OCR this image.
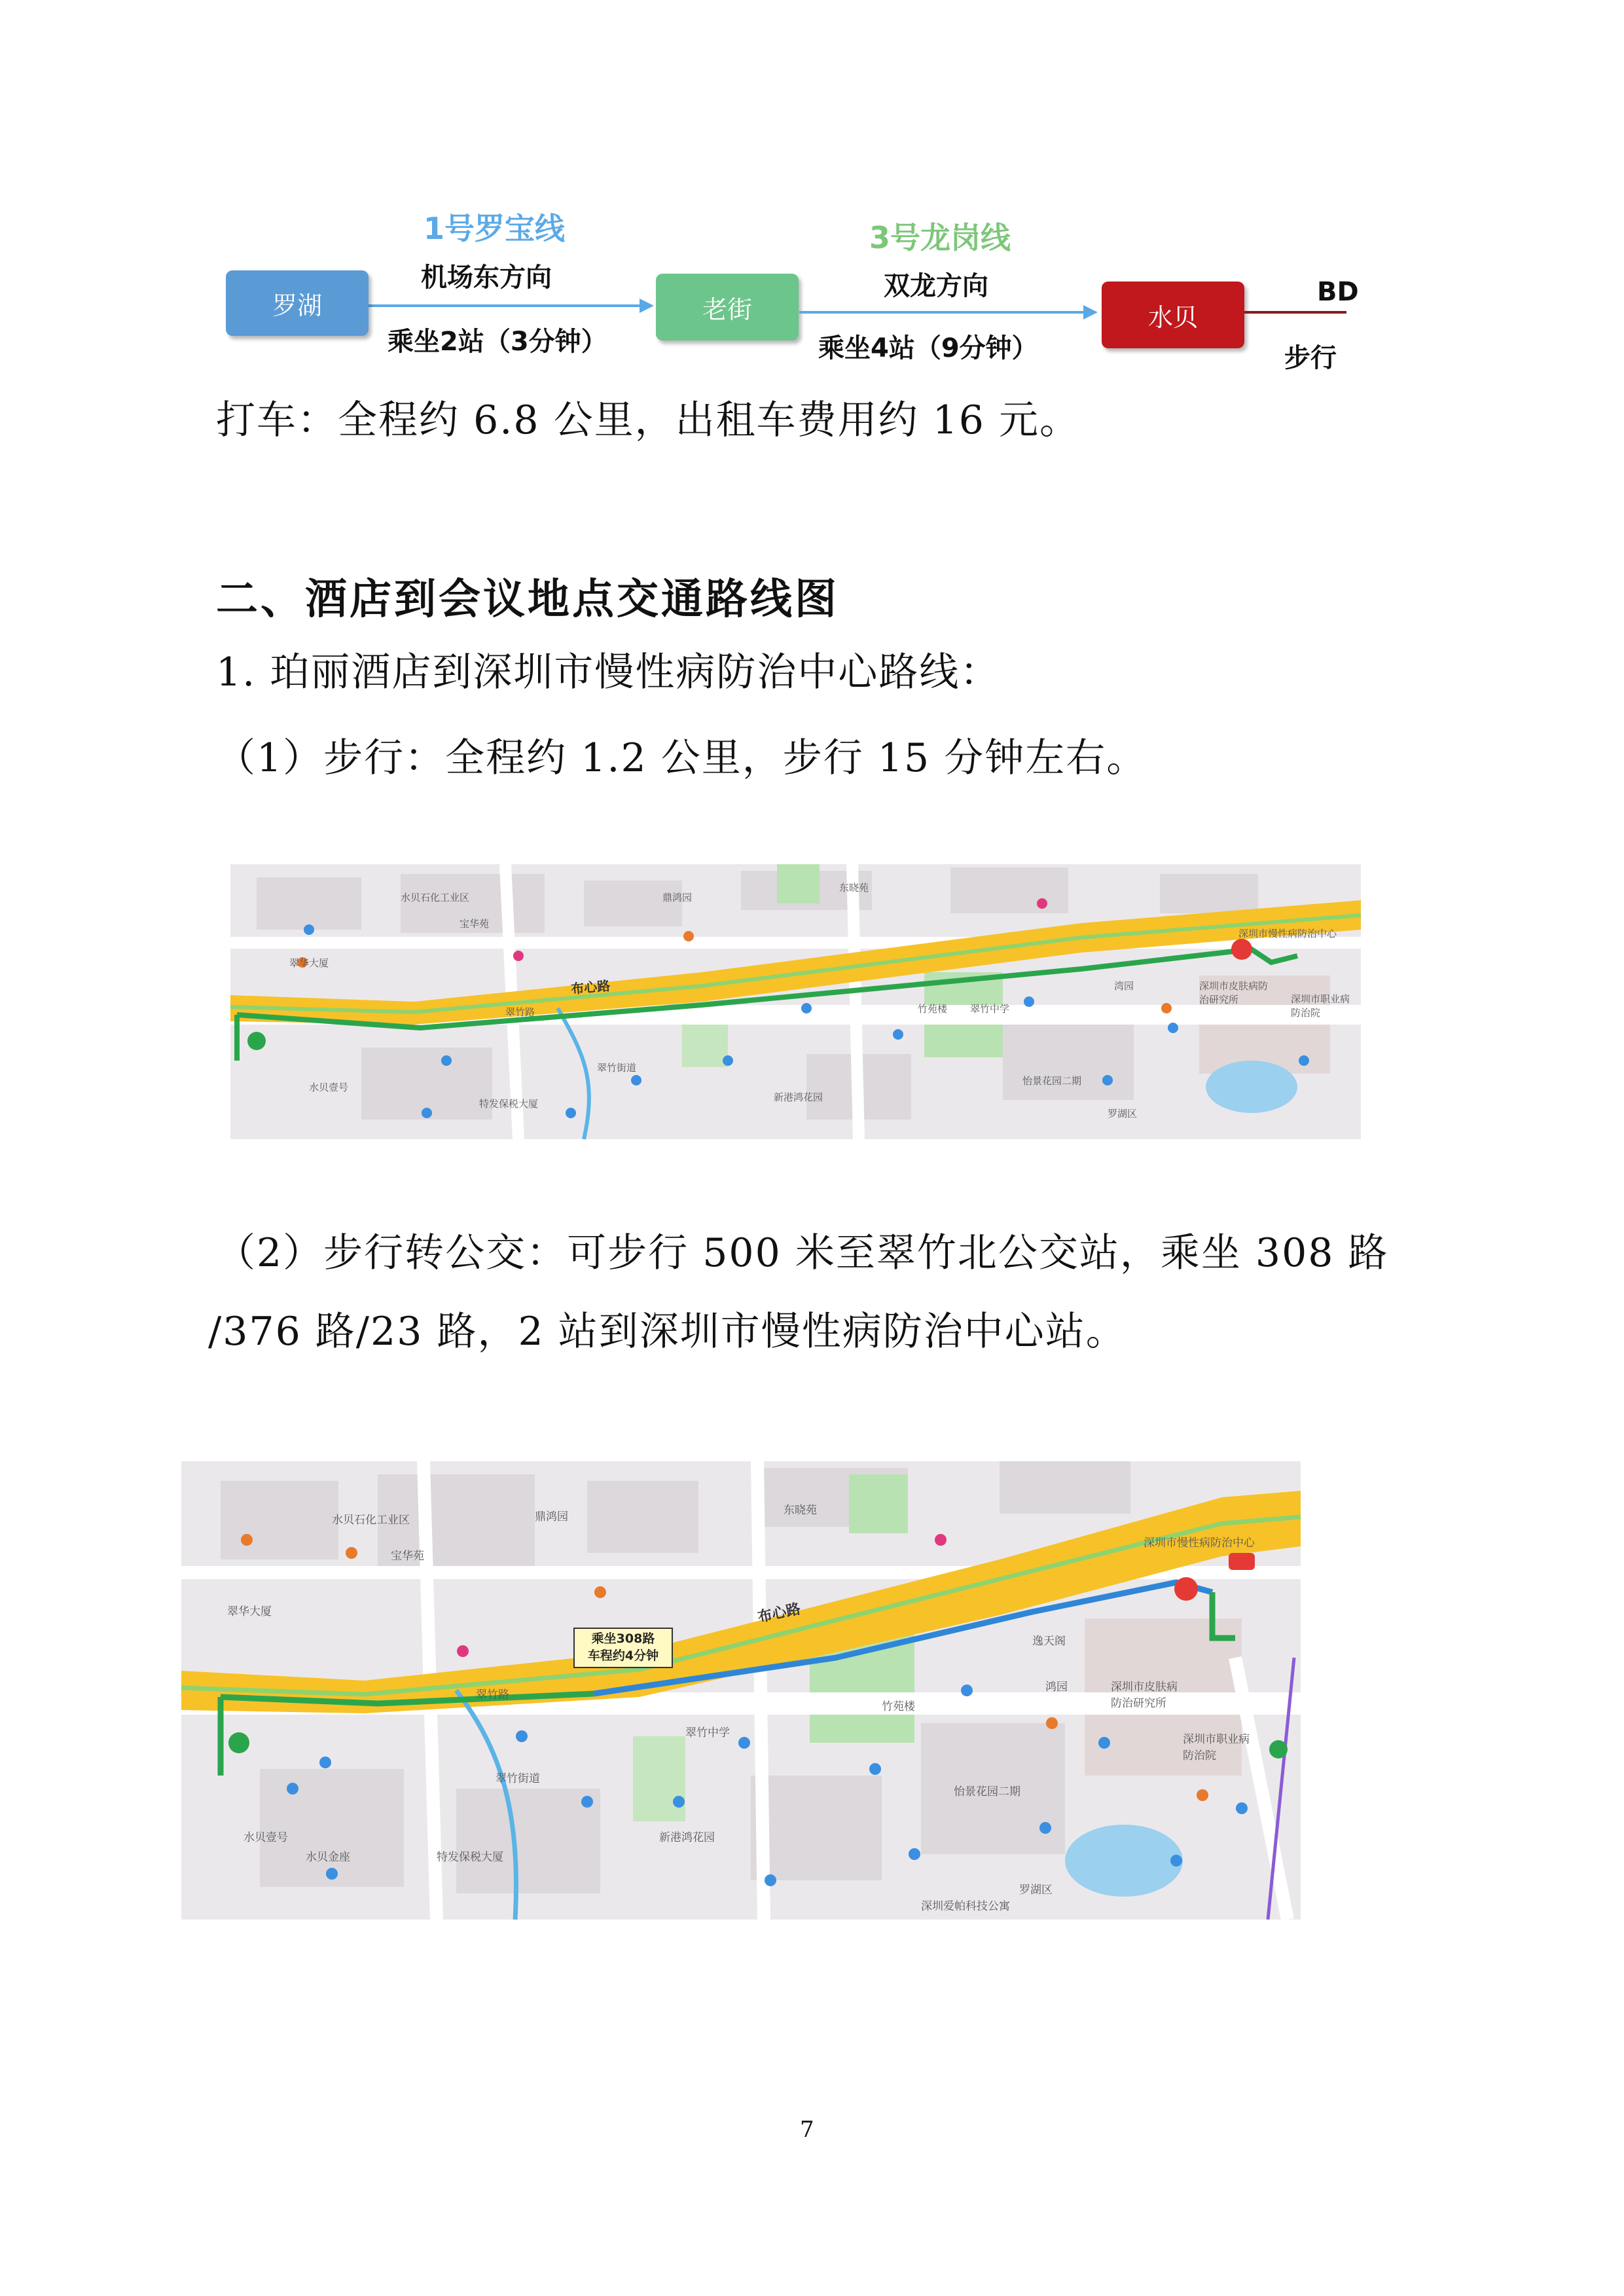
1号罗宝线
机场东方向
乘坐2站（3分钟）
罗湖	老街
3号龙岗线
双龙方向
乘坐4站（9分钟）
水贝
BD
步行
打车：全程约 6.8 公里，出租车费用约 16 元。
二、酒店到会议地点交通路线图
1. 珀丽酒店到深圳市慢性病防治中心路线：
（1）步行：全程约 1.2 公里，步行 15 分钟左右。
布心路
水贝石化工业区	鼎鸿园
东晓苑
翠华大厦
宝华苑
翠竹路	翠竹中学
竹苑楼
深圳市皮肤病防治研究所	深圳市职业病防治院
水贝壹号
特发保税大厦
新港鸿花园
怡景花园二期
湾园
翠竹街道
罗湖区
深圳市慢性病防治中心
（2）步行转公交：可步行 500 米至翠竹北公交站，乘坐 308 路
/376 路/23 路，2 站到深圳市慢性病防治中心站。
布心路
乘坐308路
车程约4分钟
水贝石化工业区	鼎鸿园	东晓苑
翠华大厦
宝华苑
翠竹路
翠竹中学
竹苑楼
深圳市皮肤病防治研究所
深圳市职业病防治院
水贝壹号
特发保税大厦
新港鸿花园
怡景花园二期
鸿园
逸天阁
深圳爱帕科技公寓
水贝金座
翠竹街道
罗湖区
深圳市慢性病防治中心
7
